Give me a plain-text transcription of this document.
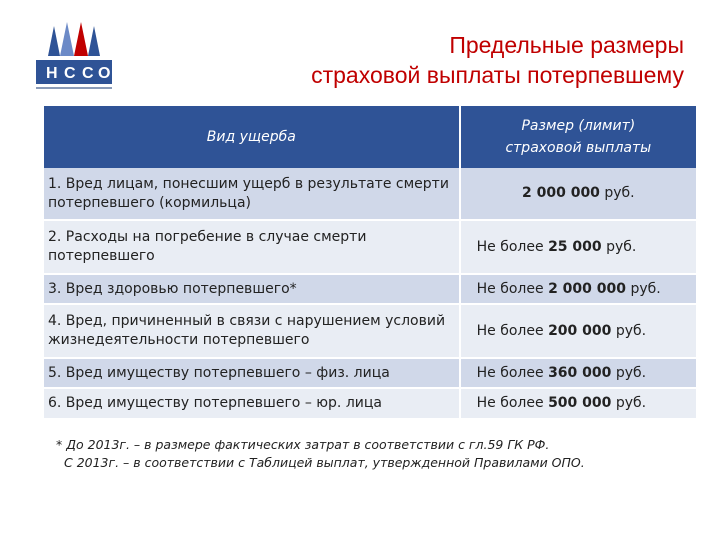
Н С С О
Предельные размеры
страховой выплаты потерпевшему
Вид ущерба	Размер (лимит)
страховой выплаты

1. Вред лицам, понесшим ущерб в результате смерти потерпевшего (кормильца)	2 000 000 руб.
2. Расходы на погребение в случае смерти потерпевшего	Не более 25 000 руб.
3. Вред здоровью потерпевшего*	Не более 2 000 000 руб.
4. Вред, причиненный в связи с нарушением условий жизнедеятельности потерпевшего	Не более 200 000 руб.
5. Вред имуществу потерпевшего – физ. лица	Не более 360 000 руб.
6. Вред имуществу потерпевшего – юр. лица	Не более 500 000 руб.
* До 2013г. – в размере фактических затрат в соответствии с гл.59 ГК РФ.
С 2013г. – в соответствии с Таблицей выплат, утвержденной Правилами ОПО.
